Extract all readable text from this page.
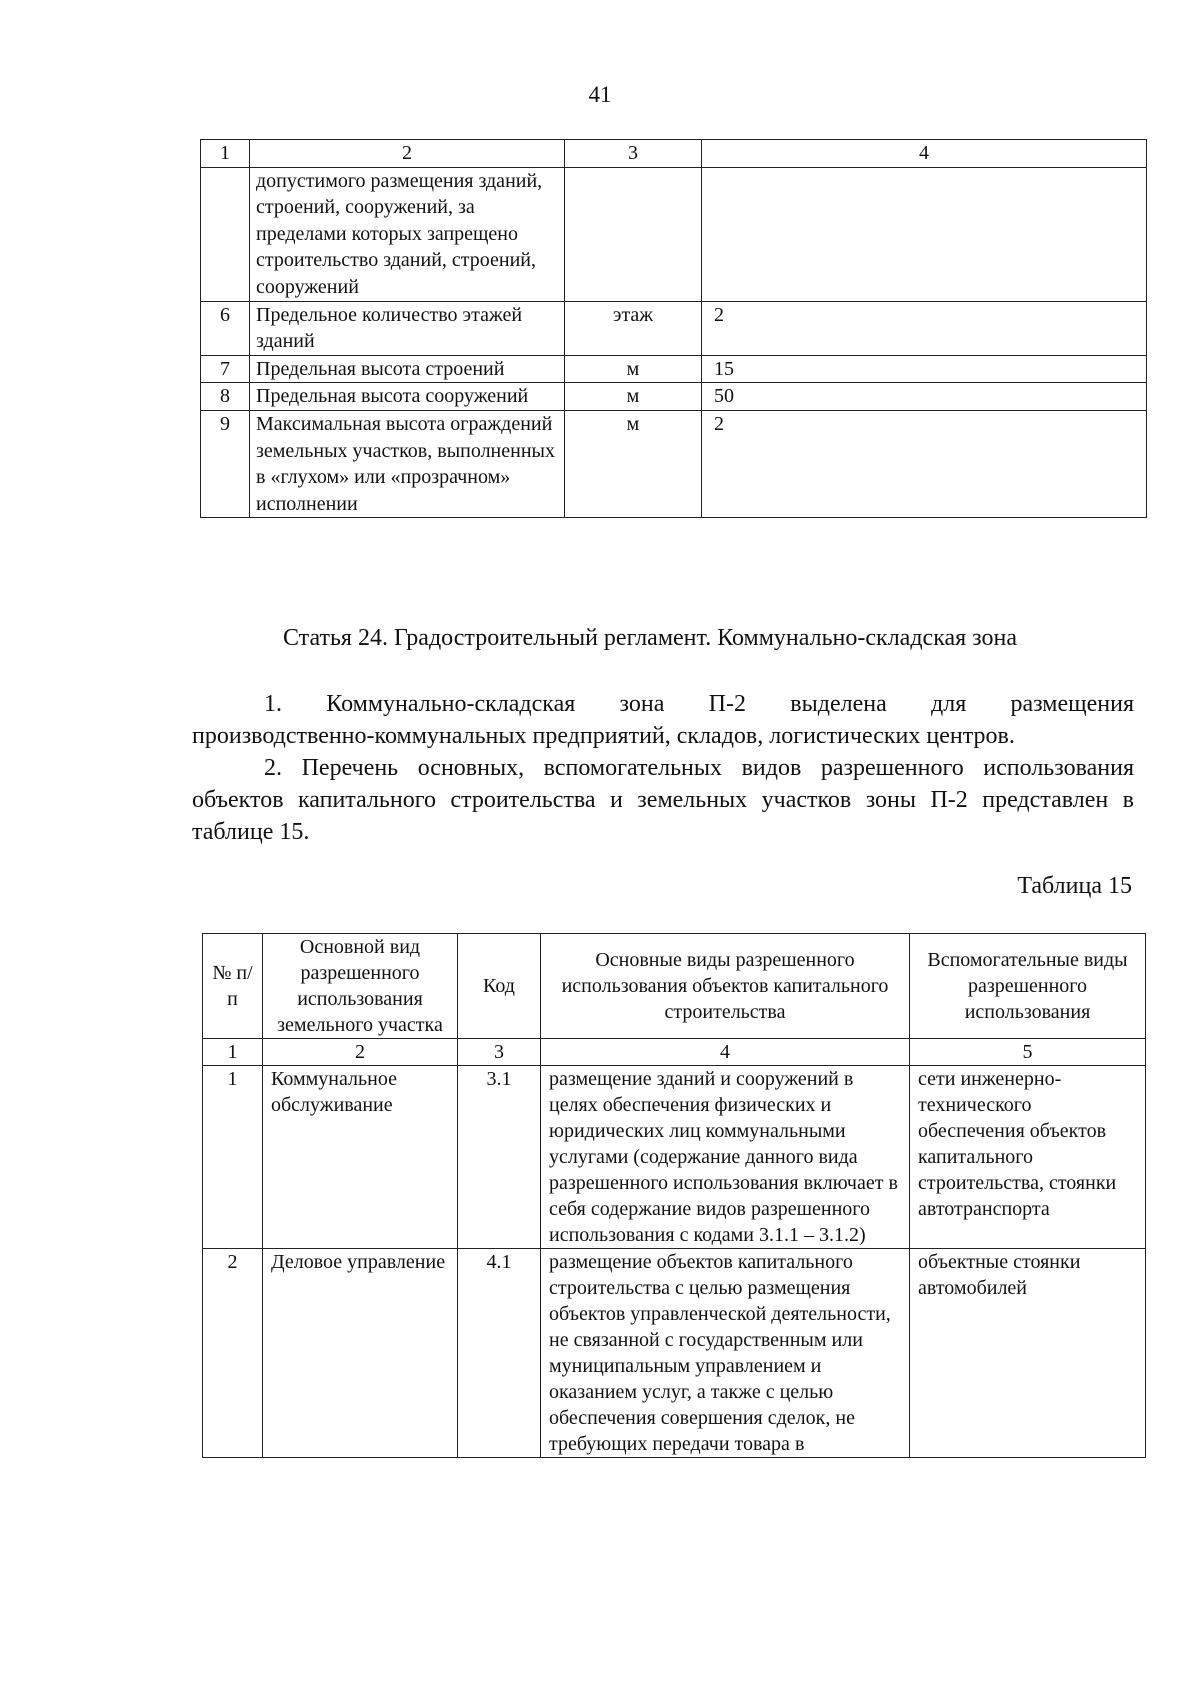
41
1	2	3	4
	допустимого размещения зданий, строений, сооружений, за пределами которых запрещено строительство зданий, строений, сооружений		
6	Предельное количество этажей зданий	этаж	2
7	Предельная высота строений	м	15
8	Предельная высота сооружений	м	50
9	Максимальная высота ограждений земельных участков, выполненных в «глухом» или «прозрачном» исполнении	м	2
Статья 24. Градостроительный регламент. Коммунально-складская зона
1. Коммунально-складская зона П-2 выделена для размещения
производственно-коммунальных предприятий, складов, логистических центров.
2. Перечень основных, вспомогательных видов разрешенного использования объектов капитального строительства и земельных участков зоны П-2 представлен в таблице 15.
Таблица 15
№ п/п	Основной вид разрешенного использования земельного участка	Код	Основные виды разрешенного использования объектов капитального строительства	Вспомогательные виды разрешенного использования
1	2	3	4	5
1	Коммунальное обслуживание	3.1	размещение зданий и сооружений в целях обеспечения физических и юридических лиц коммунальными услугами (содержание данного вида разрешенного использования включает в себя содержание видов разрешенного использования с кодами 3.1.1 – 3.1.2)	сети инженерно-технического обеспечения объектов капитального строительства, стоянки автотранспорта
2	Деловое управление	4.1	размещение объектов капитального строительства с целью размещения объектов управленческой деятельности, не связанной с государственным или муниципальным управлением и оказанием услуг, а также с целью обеспечения совершения сделок, не требующих передачи товара в	объектные стоянки автомобилей
